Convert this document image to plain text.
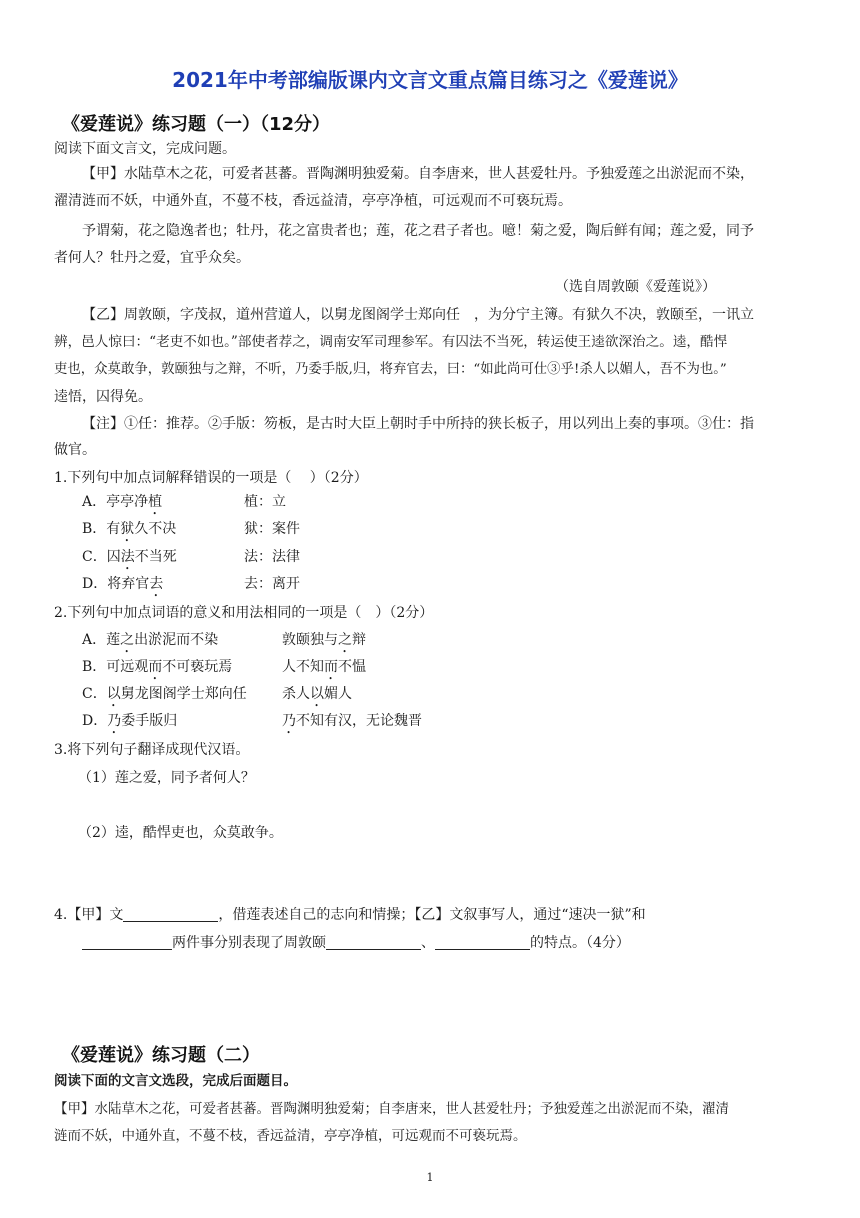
2021年中考部编版课内文言文重点篇目练习之《爱莲说》
《爱莲说》练习题（一）（12分）
阅读下面文言文，完成问题。
【甲】水陆草木之花，可爱者甚蕃。晋陶渊明独爱菊。自李唐来，世人甚爱牡丹。予独爱莲之出淤泥而不染，
濯清涟而不妖，中通外直，不蔓不枝，香远益清，亭亭净植，可远观而不可亵玩焉。
予谓菊，花之隐逸者也；牡丹，花之富贵者也；莲，花之君子者也。噫！菊之爱，陶后鲜有闻；莲之爱，同予
者何人？牡丹之爱，宜乎众矣。
（选自周敦颐《爱莲说》）
【乙】周敦颐，字茂叔，道州营道人，以舅龙图阁学士郑向任　，为分宁主簿。有狱久不决，敦颐至，一讯立
辨，邑人惊曰：“老吏不如也。”部使者荐之，调南安军司理参军。有囚法不当死，转运使王逵欲深治之。逵，酷悍
吏也，众莫敢争，敦颐独与之辩，不听，乃委手版,归，将弃官去，曰：“如此尚可仕③乎!杀人以媚人，吾不为也。”
逵悟，囚得免。
【注】①任：推荐。②手版：笏板，是古时大臣上朝时手中所持的狭长板子，用以列出上奏的事项。③仕：指
做官。
1.下列句中加点词解释错误的一项是（　 ）（2分）
A．亭亭净植	植：立
B．有狱久不决	狱：案件
C．囚法不当死	法：法律
D．将弃官去	去：离开
2.下列句中加点词语的意义和用法相同的一项是（　）（2分）
A．莲之出淤泥而不染	敦颐独与之辩
B．可远观而不可亵玩焉	人不知而不愠
C．以舅龙图阁学士郑向任	杀人以媚人
D．乃委手版归	乃不知有汉，无论魏晋
3.将下列句子翻译成现代汉语。
（1）莲之爱，同予者何人？
（2）逵，酷悍吏也，众莫敢争。
4.【甲】文	，借莲表述自己的志向和情操；【乙】文叙事写人，通过“速决一狱”和
两件事分别表现了周敦颐	、	的特点。（4分）
《爱莲说》练习题（二）
阅读下面的文言文选段，完成后面题目。
【甲】水陆草木之花，可爱者甚蕃。晋陶渊明独爱菊；自李唐来，世人甚爱牡丹；予独爱莲之出淤泥而不染，濯清
涟而不妖，中通外直，不蔓不枝，香远益清，亭亭净植，可远观而不可亵玩焉。
1
